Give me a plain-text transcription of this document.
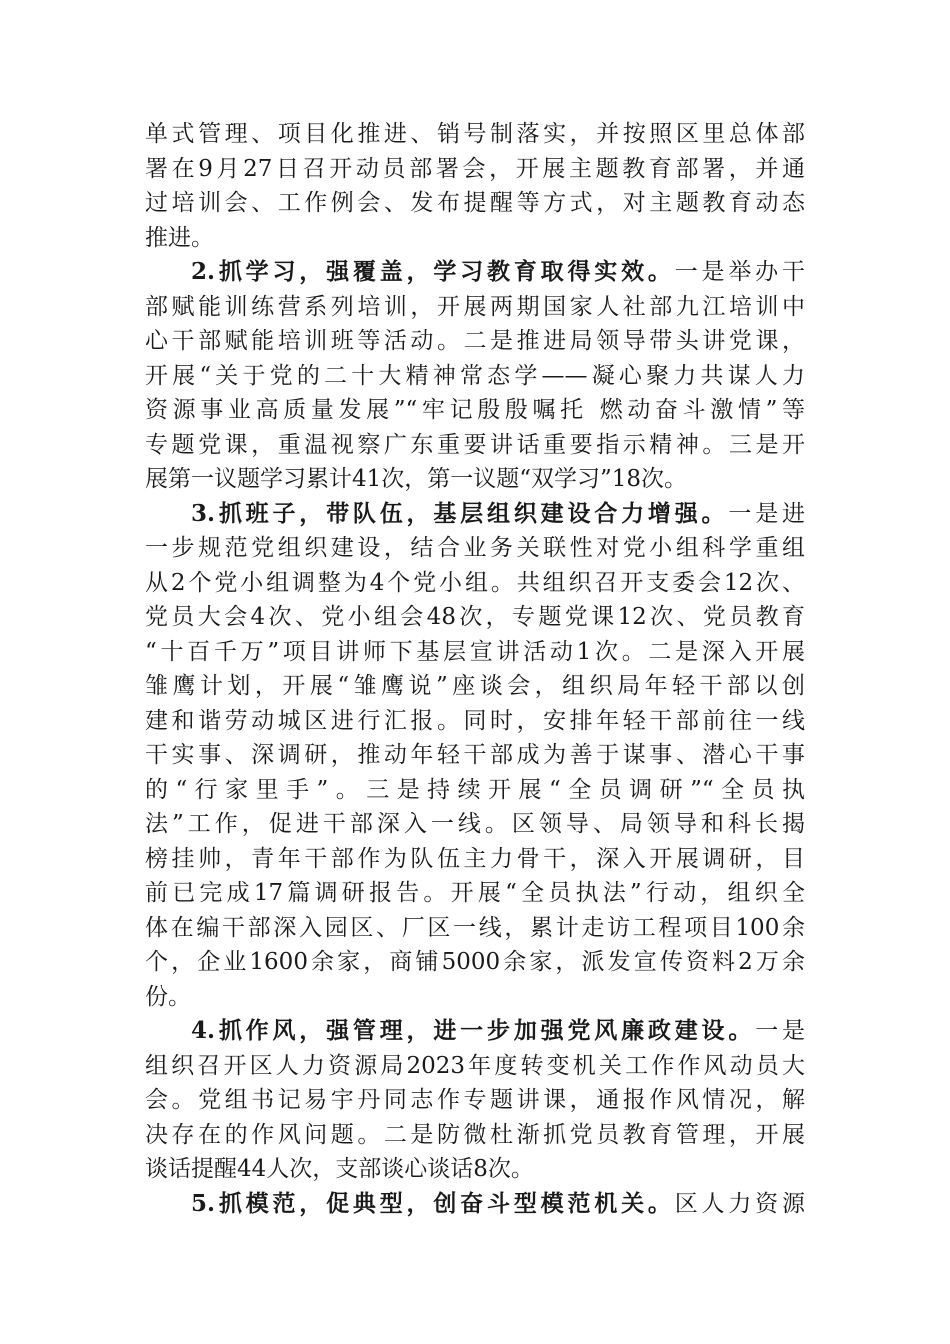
单式管理、项目化推进、销号制落实，并按照区里总体部
署在9月27日召开动员部署会，开展主题教育部署，并通
过培训会、工作例会、发布提醒等方式，对主题教育动态
推进。
2.抓学习，强覆盖，学习教育取得实效。一是举办干
部赋能训练营系列培训，开展两期国家人社部九江培训中
心干部赋能培训班等活动。二是推进局领导带头讲党课，
开展“关于党的二十大精神常态学——凝心聚力共谋人力
资源事业高质量发展”“牢记殷殷嘱托 燃动奋斗激情”等
专题党课，重温视察广东重要讲话重要指示精神。三是开
展第一议题学习累计41次，第一议题“双学习”18次。
3.抓班子，带队伍，基层组织建设合力增强。一是进
一步规范党组织建设，结合业务关联性对党小组科学重组
从2个党小组调整为4个党小组。共组织召开支委会12次、
党员大会4次、党小组会48次，专题党课12次、党员教育
“十百千万”项目讲师下基层宣讲活动1次。二是深入开展
雏鹰计划，开展“雏鹰说”座谈会，组织局年轻干部以创
建和谐劳动城区进行汇报。同时，安排年轻干部前往一线
干实事、深调研，推动年轻干部成为善于谋事、潜心干事
的“行家里手”。三是持续开展“全员调研”“全员执
法”工作，促进干部深入一线。区领导、局领导和科长揭
榜挂帅，青年干部作为队伍主力骨干，深入开展调研，目
前已完成17篇调研报告。开展“全员执法”行动，组织全
体在编干部深入园区、厂区一线，累计走访工程项目100余
个，企业1600余家，商铺5000余家，派发宣传资料2万余
份。
4.抓作风，强管理，进一步加强党风廉政建设。一是
组织召开区人力资源局2023年度转变机关工作作风动员大
会。党组书记易宇丹同志作专题讲课，通报作风情况，解
决存在的作风问题。二是防微杜渐抓党员教育管理，开展
谈话提醒44人次，支部谈心谈话8次。
5.抓模范，促典型，创奋斗型模范机关。区人力资源
